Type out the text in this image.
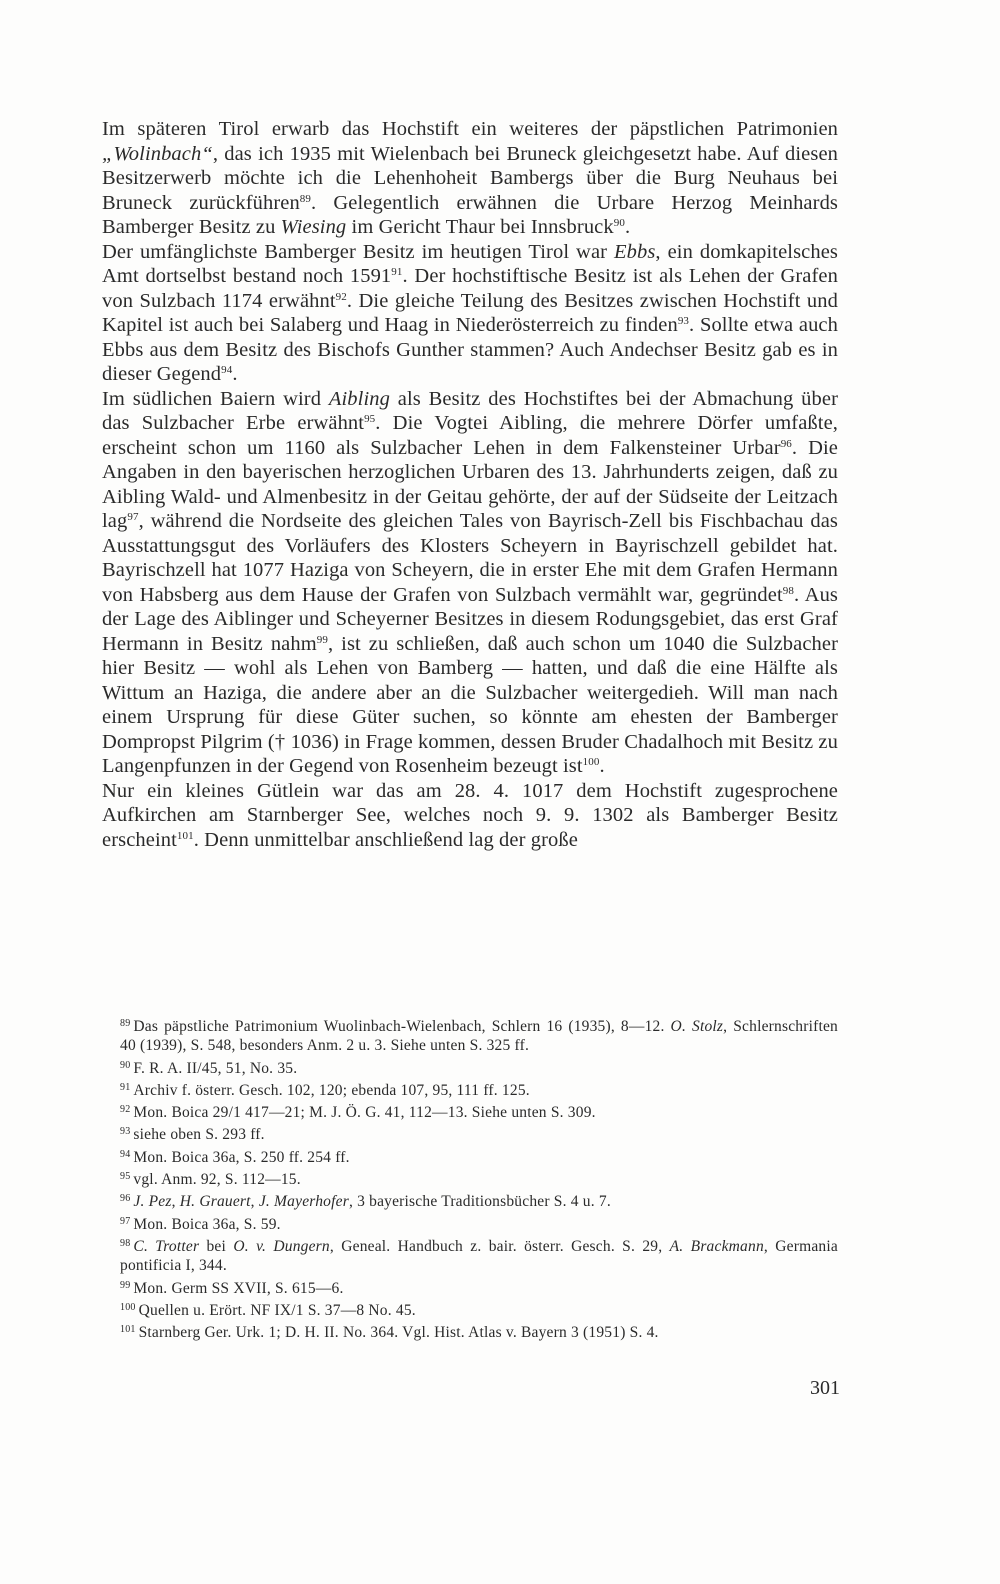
Im späteren Tirol erwarb das Hochstift ein weiteres der päpstlichen Patrimonien „Wolinbach“, das ich 1935 mit Wielenbach bei Bruneck gleichgesetzt habe. Auf diesen Besitzerwerb möchte ich die Lehenhoheit Bambergs über die Burg Neuhaus bei Bruneck zurückführen$^{89}$. Gelegentlich erwähnen die Urbare Herzog Meinhards Bamberger Besitz zu Wiesing im Gericht Thaur bei Innsbruck$^{90}$.

Der umfänglichste Bamberger Besitz im heutigen Tirol war Ebbs, ein domkapitelsches Amt dortselbst bestand noch 1591$^{91}$. Der hochstiftische Besitz ist als Lehen der Grafen von Sulzbach 1174 erwähnt$^{92}$. Die gleiche Teilung des Besitzes zwischen Hochstift und Kapitel ist auch bei Salaberg und Haag in Niederösterreich zu finden$^{93}$. Sollte etwa auch Ebbs aus dem Besitz des Bischofs Gunther stammen? Auch Andechser Besitz gab es in dieser Gegend$^{94}$.

Im südlichen Baiern wird Aibling als Besitz des Hochstiftes bei der Abmachung über das Sulzbacher Erbe erwähnt$^{95}$. Die Vogtei Aibling, die mehrere Dörfer umfaßte, erscheint schon um 1160 als Sulzbacher Lehen in dem Falkensteiner Urbar$^{96}$. Die Angaben in den bayerischen herzoglichen Urbaren des 13. Jahrhunderts zeigen, daß zu Aibling Wald- und Almenbesitz in der Geitau gehörte, der auf der Südseite der Leitzach lag$^{97}$, während die Nordseite des gleichen Tales von Bayrisch-Zell bis Fischbachau das Ausstattungsgut des Vorläufers des Klosters Scheyern in Bayrischzell gebildet hat. Bayrischzell hat 1077 Haziga von Scheyern, die in erster Ehe mit dem Grafen Hermann von Habsberg aus dem Hause der Grafen von Sulzbach vermählt war, gegründet$^{98}$. Aus der Lage des Aiblinger und Scheyerner Besitzes in diesem Rodungsgebiet, das erst Graf Hermann in Besitz nahm$^{99}$, ist zu schließen, daß auch schon um 1040 die Sulzbacher hier Besitz — wohl als Lehen von Bamberg — hatten, und daß die eine Hälfte als Wittum an Haziga, die andere aber an die Sulzbacher weitergedieh. Will man nach einem Ursprung für diese Güter suchen, so könnte am ehesten der Bamberger Dompropst Pilgrim († 1036) in Frage kommen, dessen Bruder Chadalhoch mit Besitz zu Langenpfunzen in der Gegend von Rosenheim bezeugt ist$^{100}$.

Nur ein kleines Gütlein war das am 28. 4. 1017 dem Hochstift zugesprochene Aufkirchen am Starnberger See, welches noch 9. 9. 1302 als Bamberger Besitz erscheint$^{101}$. Denn unmittelbar anschließend lag der große

$^{89}$ Das päpstliche Patrimonium Wuolinbach-Wielenbach, Schlern 16 (1935), 8—12. O. Stolz, Schlernschriften 40 (1939), S. 548, besonders Anm. 2 u. 3. Siehe unten S. 325 ff.

$^{90}$ F. R. A. II/45, 51, No. 35.

$^{91}$ Archiv f. österr. Gesch. 102, 120; ebenda 107, 95, 111 ff. 125.

$^{92}$ Mon. Boica 29/1 417—21; M. J. Ö. G. 41, 112—13. Siehe unten S. 309.

$^{93}$ siehe oben S. 293 ff.

$^{94}$ Mon. Boica 36a, S. 250 ff. 254 ff.

$^{95}$ vgl. Anm. 92, S. 112—15.

$^{96}$ J. Pez, H. Grauert, J. Mayerhofer, 3 bayerische Traditionsbücher S. 4 u. 7.

$^{97}$ Mon. Boica 36a, S. 59.

$^{98}$ C. Trotter bei O. v. Dungern, Geneal. Handbuch z. bair. österr. Gesch. S. 29, A. Brackmann, Germania pontificia I, 344.

$^{99}$ Mon. Germ SS XVII, S. 615—6.

$^{100}$ Quellen u. Erört. NF IX/1 S. 37—8 No. 45.

$^{101}$ Starnberg Ger. Urk. 1; D. H. II. No. 364. Vgl. Hist. Atlas v. Bayern 3 (1951) S. 4.

301
